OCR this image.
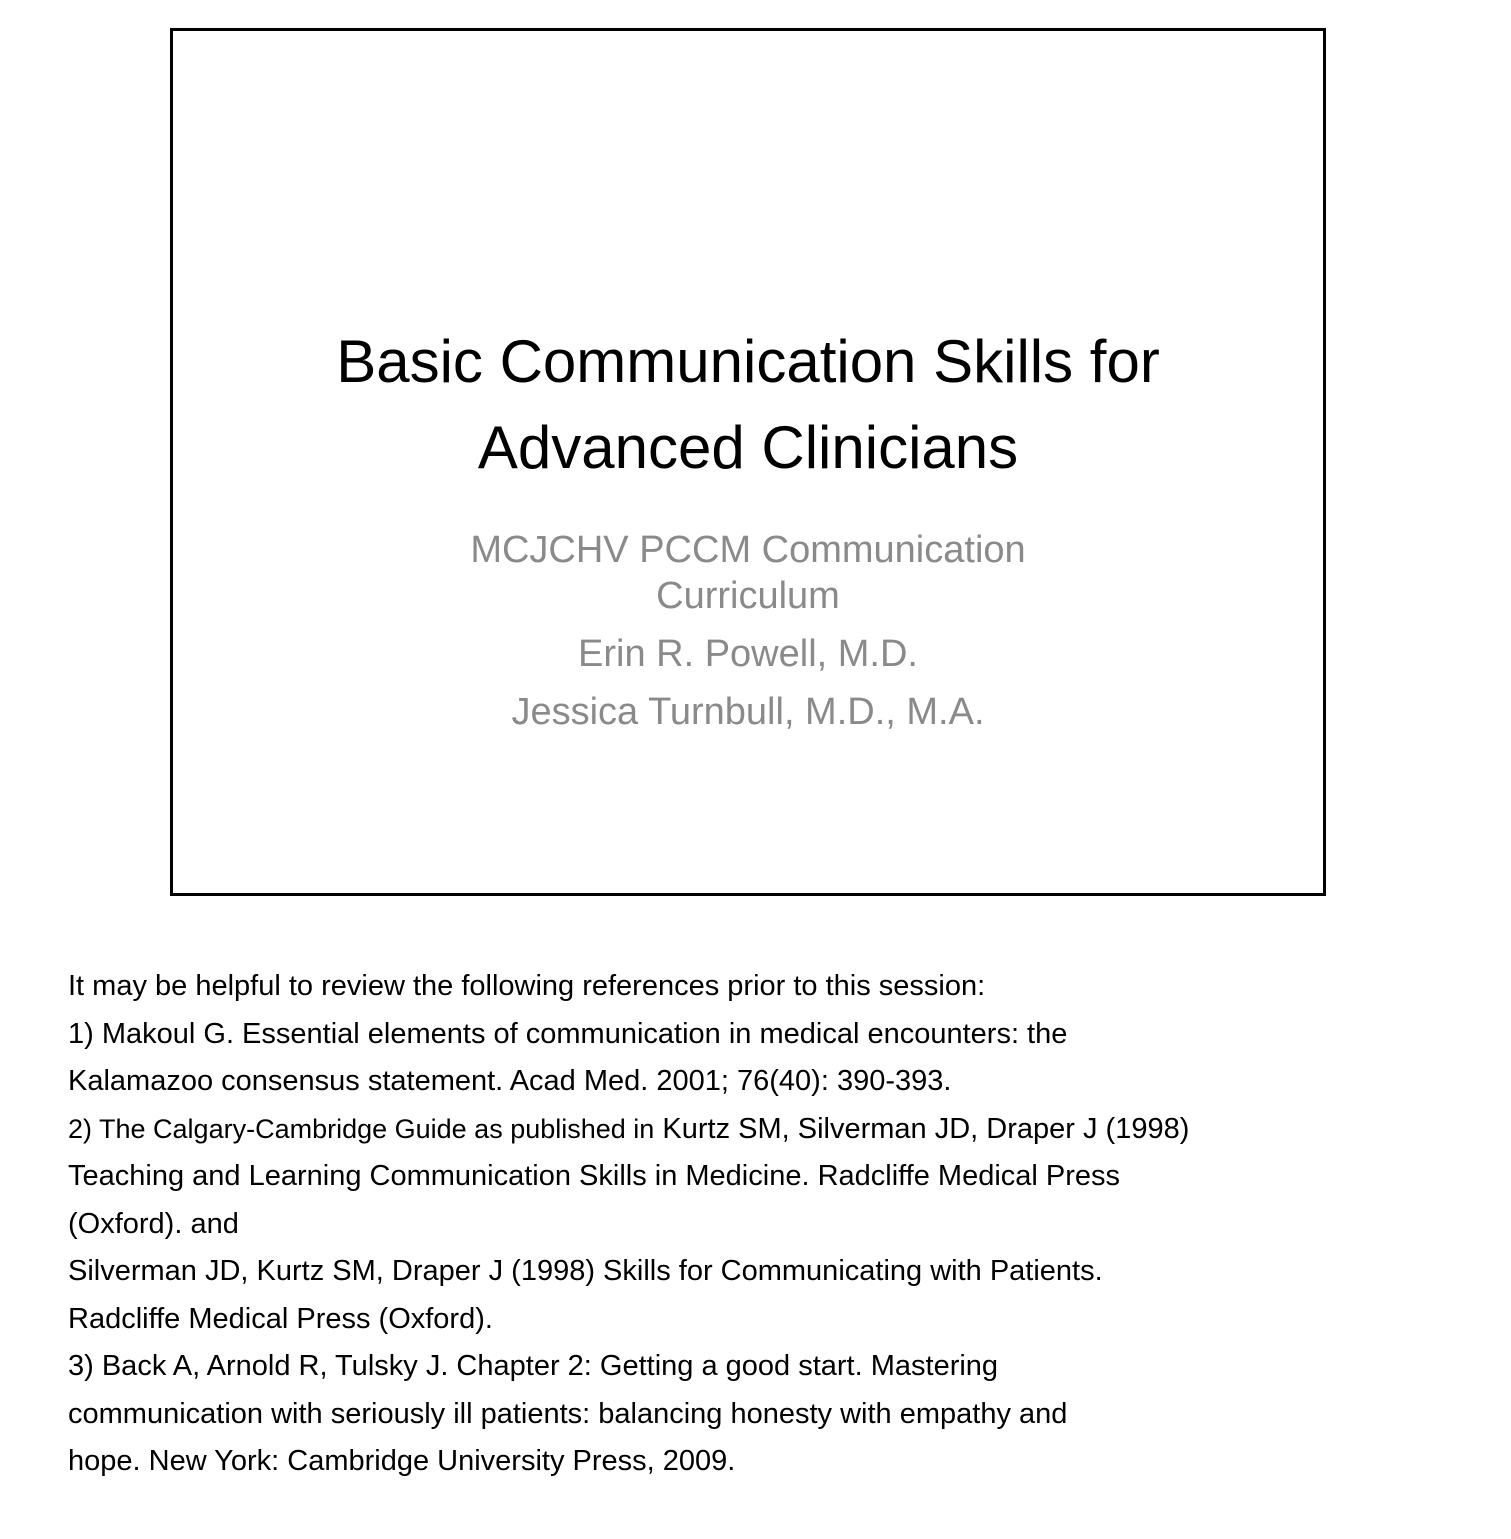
Basic Communication Skills for
Advanced Clinicians
MCJCHV PCCM Communication
Curriculum
Erin R. Powell, M.D.
Jessica Turnbull, M.D., M.A.
It may be helpful to review the following references prior to this session:
1) Makoul G. Essential elements of communication in medical encounters: the
Kalamazoo consensus statement. Acad Med. 2001; 76(40): 390-393.
2) The Calgary-Cambridge Guide as published in Kurtz SM, Silverman JD, Draper J (1998)
Teaching and Learning Communication Skills in Medicine. Radcliffe Medical Press
(Oxford). and
Silverman JD, Kurtz SM, Draper J (1998) Skills for Communicating with Patients.
Radcliffe Medical Press (Oxford).
3) Back A, Arnold R, Tulsky J. Chapter 2: Getting a good start. Mastering
communication with seriously ill patients: balancing honesty with empathy and
hope. New York: Cambridge University Press, 2009.
